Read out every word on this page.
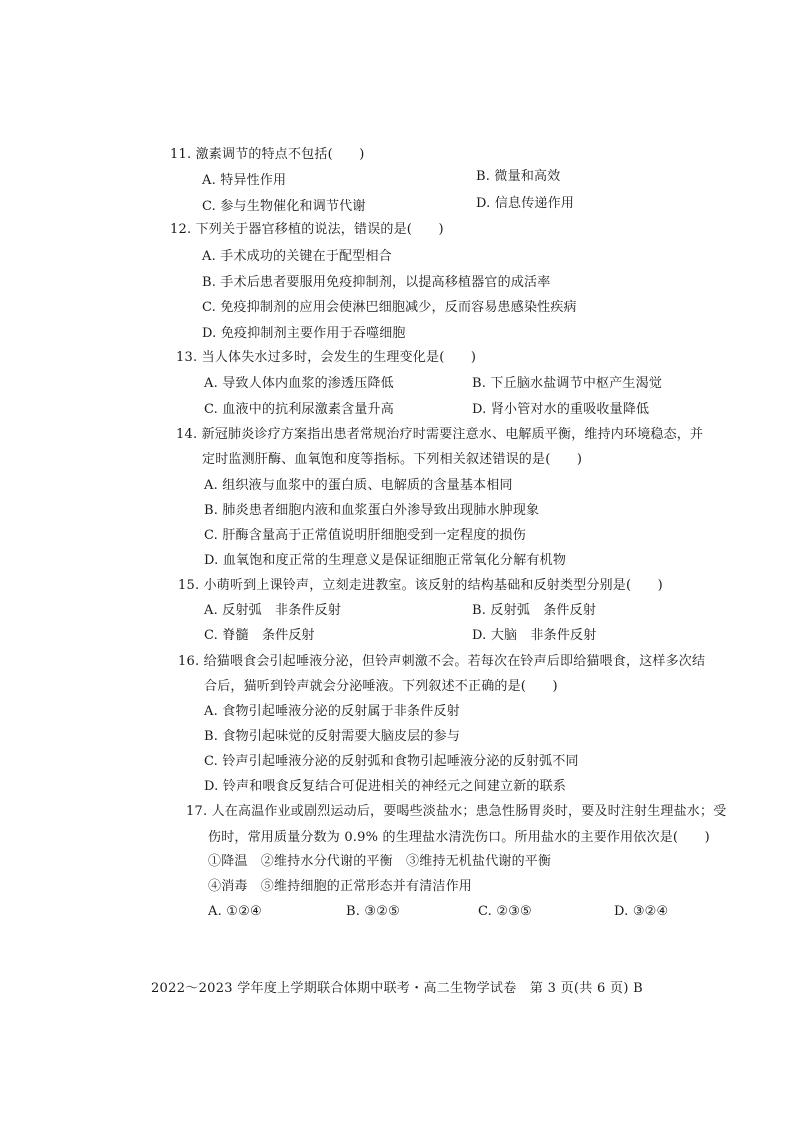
11. 激素调节的特点不包括(　　)
A. 特异性作用	B. 微量和高效
C. 参与生物催化和调节代谢	D. 信息传递作用
12. 下列关于器官移植的说法，错误的是(　　)
A. 手术成功的关键在于配型相合
B. 手术后患者要服用免疫抑制剂，以提高移植器官的成活率
C. 免疫抑制剂的应用会使淋巴细胞减少，反而容易患感染性疾病
D. 免疫抑制剂主要作用于吞噬细胞
13. 当人体失水过多时，会发生的生理变化是(　　)
A. 导致人体内血浆的渗透压降低	B. 下丘脑水盐调节中枢产生渴觉
C. 血液中的抗利尿激素含量升高	D. 肾小管对水的重吸收量降低
14. 新冠肺炎诊疗方案指出患者常规治疗时需要注意水、电解质平衡，维持内环境稳态，并
定时监测肝酶、血氧饱和度等指标。下列相关叙述错误的是(　　)
A. 组织液与血浆中的蛋白质、电解质的含量基本相同
B. 肺炎患者细胞内液和血浆蛋白外渗导致出现肺水肿现象
C. 肝酶含量高于正常值说明肝细胞受到一定程度的损伤
D. 血氧饱和度正常的生理意义是保证细胞正常氧化分解有机物
15. 小萌听到上课铃声，立刻走进教室。该反射的结构基础和反射类型分别是(　　)
A. 反射弧　非条件反射	B. 反射弧　条件反射
C. 脊髓　条件反射	D. 大脑　非条件反射
16. 给猫喂食会引起唾液分泌，但铃声刺激不会。若每次在铃声后即给猫喂食，这样多次结
合后，猫听到铃声就会分泌唾液。下列叙述不正确的是(　　)
A. 食物引起唾液分泌的反射属于非条件反射
B. 食物引起味觉的反射需要大脑皮层的参与
C. 铃声引起唾液分泌的反射弧和食物引起唾液分泌的反射弧不同
D. 铃声和喂食反复结合可促进相关的神经元之间建立新的联系
17. 人在高温作业或剧烈运动后，要喝些淡盐水；患急性肠胃炎时，要及时注射生理盐水；受
伤时，常用质量分数为 0.9% 的生理盐水清洗伤口。所用盐水的主要作用依次是(　　)
①降温　②维持水分代谢的平衡　③维持无机盐代谢的平衡
④消毒　⑤维持细胞的正常形态并有清洁作用
A. ①②④	B. ③②⑤	C. ②③⑤	D. ③②④
2022～2023 学年度上学期联合体期中联考・高二生物学试卷　第 3 页(共 6 页) B
